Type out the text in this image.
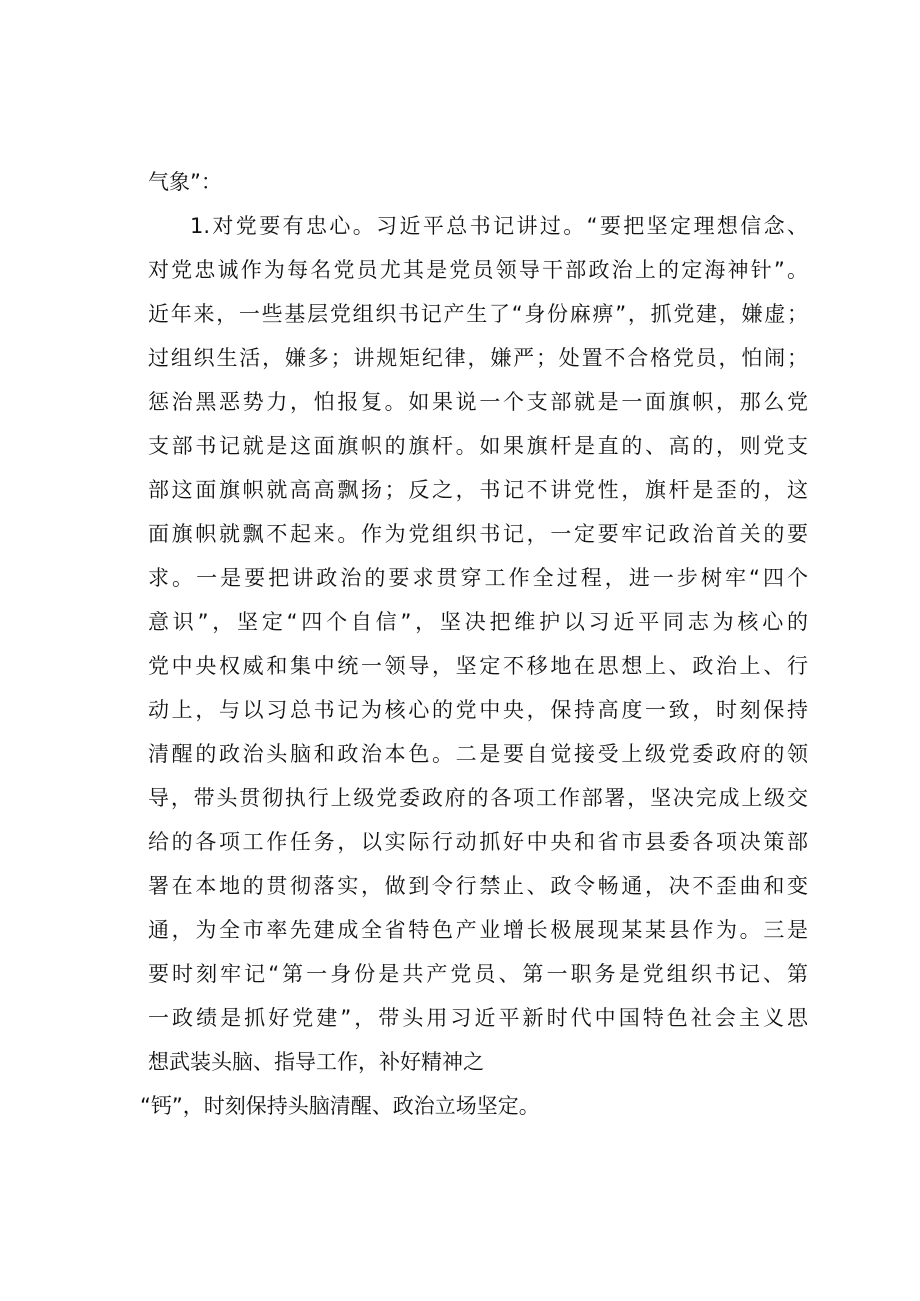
气象”：
1.对党要有忠心。习近平总书记讲过。“要把坚定理想信念、
对党忠诚作为每名党员尤其是党员领导干部政治上的定海神针”。
近年来，一些基层党组织书记产生了“身份麻痹”，抓党建，嫌虚；
过组织生活，嫌多；讲规矩纪律，嫌严；处置不合格党员，怕闹；
惩治黑恶势力，怕报复。如果说一个支部就是一面旗帜，那么党
支部书记就是这面旗帜的旗杆。如果旗杆是直的、高的，则党支
部这面旗帜就高高飘扬；反之，书记不讲党性，旗杆是歪的，这
面旗帜就飘不起来。作为党组织书记，一定要牢记政治首关的要
求。一是要把讲政治的要求贯穿工作全过程，进一步树牢“四个
意识”，坚定“四个自信”，坚决把维护以习近平同志为核心的
党中央权威和集中统一领导，坚定不移地在思想上、政治上、行
动上，与以习总书记为核心的党中央，保持高度一致，时刻保持
清醒的政治头脑和政治本色。二是要自觉接受上级党委政府的领
导，带头贯彻执行上级党委政府的各项工作部署，坚决完成上级交
给的各项工作任务，以实际行动抓好中央和省市县委各项决策部
署在本地的贯彻落实，做到令行禁止、政令畅通，决不歪曲和变
通，为全市率先建成全省特色产业增长极展现某某县作为。三是
要时刻牢记“第一身份是共产党员、第一职务是党组织书记、第
一政绩是抓好党建”，带头用习近平新时代中国特色社会主义思
想武装头脑、指导工作，补好精神之
“钙”，时刻保持头脑清醒、政治立场坚定。
